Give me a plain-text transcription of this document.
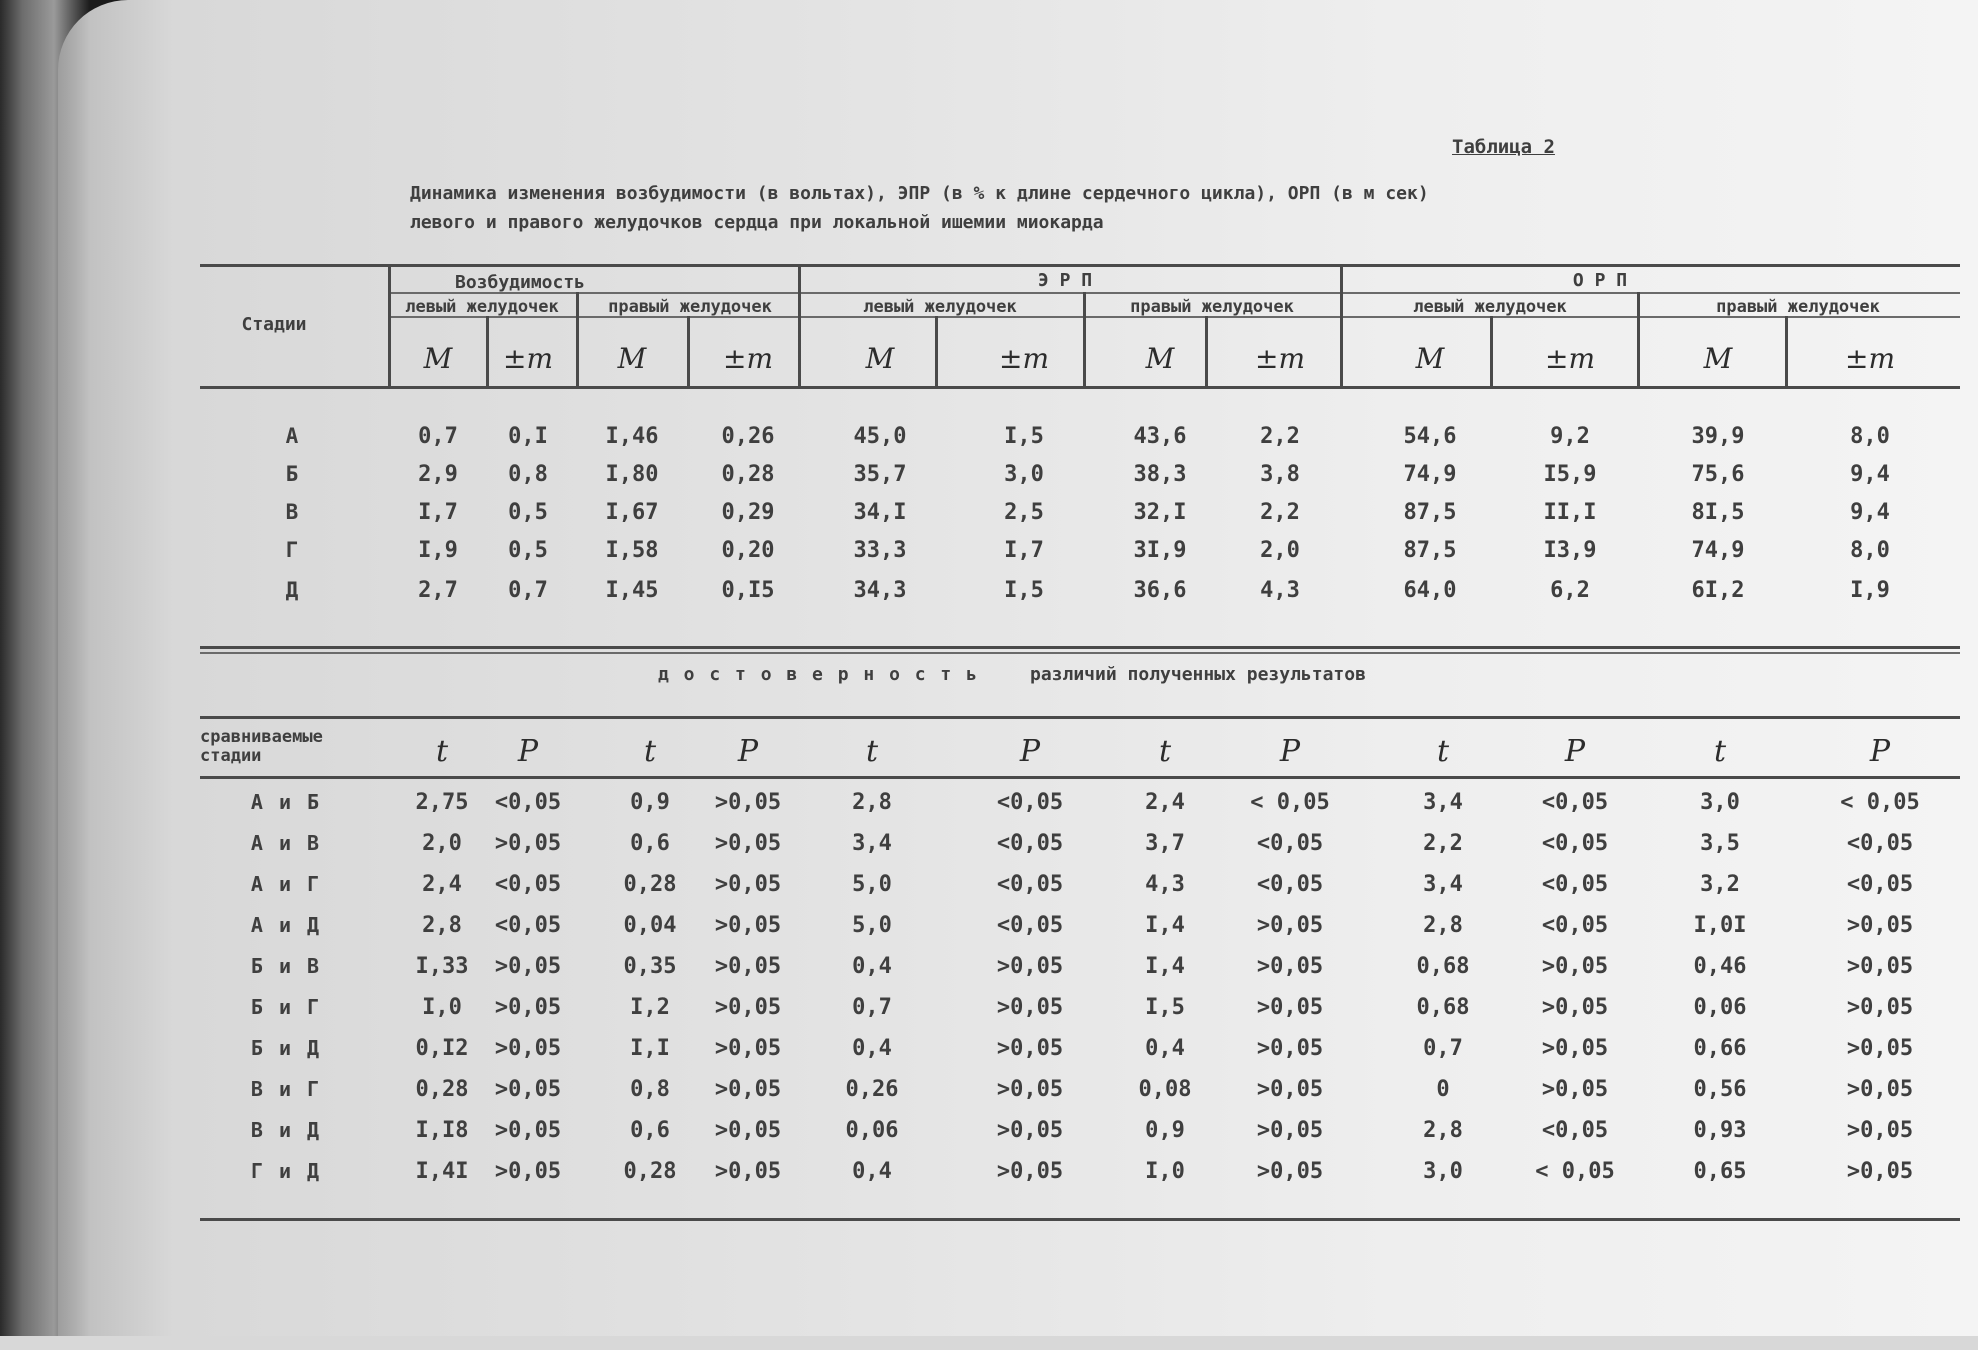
Таблица 2
Динамика изменения возбудимости (в вольтах), ЭПР (в % к длине сердечного цикла), ОРП (в м сек)
левого и правого желудочков сердца при локальной ишемии миокарда
Стадии
Возбудимость	Э Р П	О Р П
левый желудочек	правый желудочек	левый желудочек	правый желудочек	левый желудочек	правый желудочек
M ±m M	±m	M	±m	M	±m	M	±m	M	±m
А	0,7 0,I	I,46	0,26	45,0	I,5	43,6	2,2	54,6	9,2	39,9	8,0
Б	2,9 0,8	I,80	0,28	35,7	3,0	38,3	3,8	74,9	I5,9	75,6	9,4
В	I,7 0,5	I,67	0,29	34,I	2,5	32,I	2,2	87,5	II,I	8I,5	9,4
Г	I,9 0,5	I,58	0,20	33,3	I,7	3I,9	2,0	87,5	I3,9	74,9	8,0
Д	2,7 0,7	I,45	0,I5	34,3	I,5	36,6	4,3	64,0	6,2	6I,2	I,9
д о с т о в е р н о с т ь	различий полученных результатов
сравниваемые стадии	t P	t	P	t	P	t	P	t	P	t	P
А и Б	2,75 <0,05	0,9 >0,05	2,8	<0,05	2,4	< 0,05	3,4	<0,05	3,0	< 0,05
А и В	2,0 >0,05	0,6 >0,05	3,4	<0,05	3,7	<0,05	2,2	<0,05	3,5	<0,05
А и Г	2,4 <0,05	0,28 >0,05	5,0	<0,05	4,3	<0,05	3,4	<0,05	3,2	<0,05
А и Д	2,8 <0,05	0,04 >0,05	5,0	<0,05	I,4	>0,05	2,8	<0,05	I,0I	>0,05
Б и В	I,33 >0,05	0,35 >0,05	0,4	>0,05	I,4	>0,05	0,68	>0,05	0,46	>0,05
Б и Г	I,0 >0,05	I,2 >0,05	0,7	>0,05	I,5	>0,05	0,68	>0,05	0,06	>0,05
Б и Д	0,I2 >0,05	I,I >0,05	0,4	>0,05	0,4	>0,05	0,7	>0,05	0,66	>0,05
В и Г	0,28 >0,05	0,8 >0,05	0,26	>0,05	0,08	>0,05	0	>0,05	0,56	>0,05
В и Д	I,I8 >0,05	0,6 >0,05	0,06	>0,05	0,9	>0,05	2,8	<0,05	0,93	>0,05
Г и Д	I,4I >0,05	0,28 >0,05	0,4	>0,05	I,0	>0,05	3,0	< 0,05	0,65	>0,05
